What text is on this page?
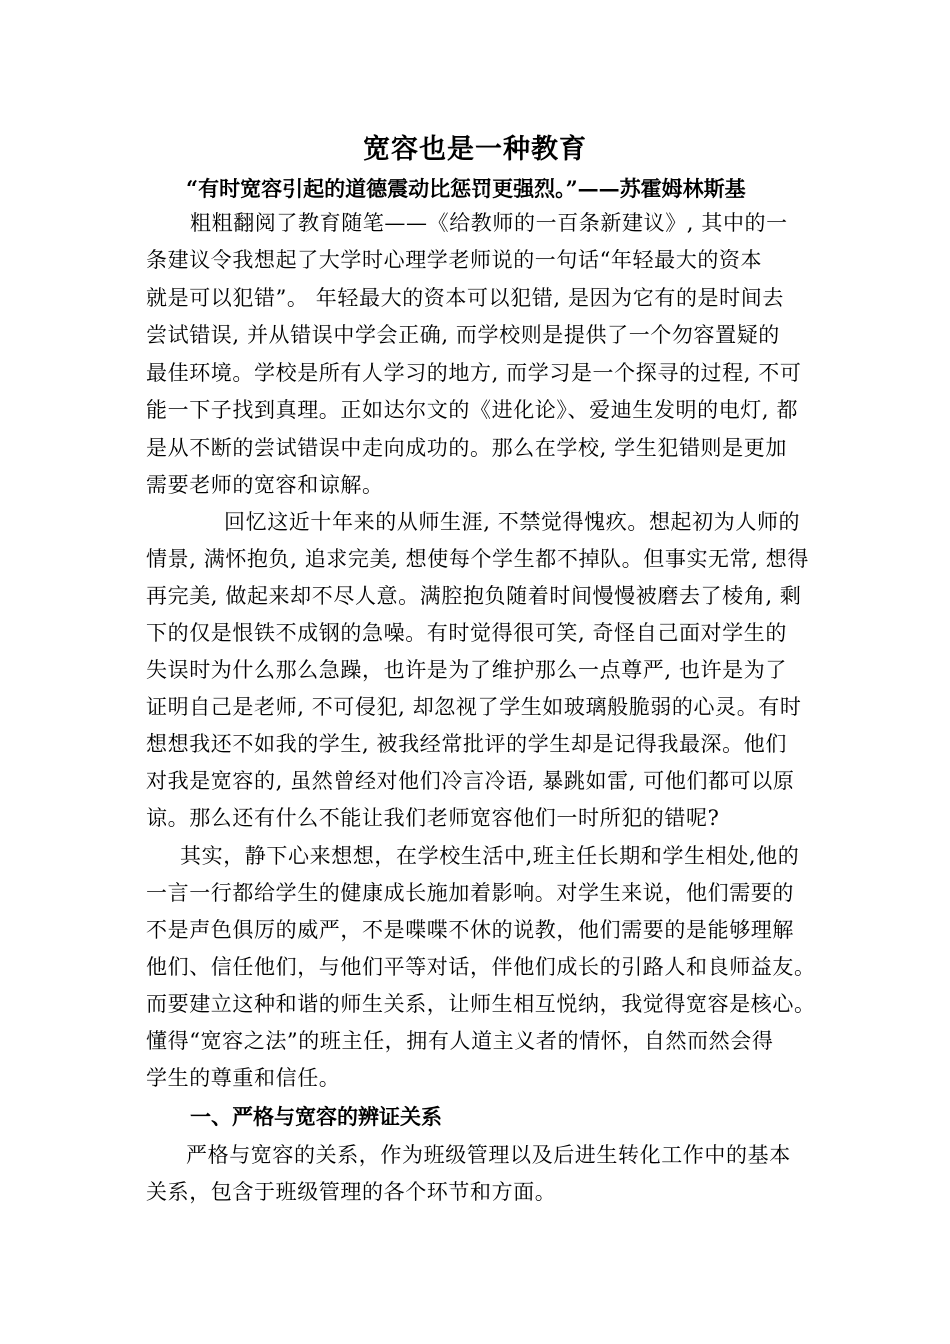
宽容也是一种教育
“有时宽容引起的道德震动比惩罚更强烈。”——苏霍姆林斯基
粗粗翻阅了教育随笔——《给教师的一百条新建议》, 其中的一
条建议令我想起了大学时心理学老师说的一句话“年轻最大的资本
就是可以犯错”。 年轻最大的资本可以犯错, 是因为它有的是时间去
尝试错误, 并从错误中学会正确, 而学校则是提供了一个勿容置疑的
最佳环境。学校是所有人学习的地方, 而学习是一个探寻的过程, 不可
能一下子找到真理。正如达尔文的《进化论》、爱迪生发明的电灯, 都
是从不断的尝试错误中走向成功的。那么在学校, 学生犯错则是更加
需要老师的宽容和谅解。
回忆这近十年来的从师生涯, 不禁觉得愧疚。想起初为人师的
情景, 满怀抱负, 追求完美, 想使每个学生都不掉队。但事实无常, 想得
再完美, 做起来却不尽人意。满腔抱负随着时间慢慢被磨去了棱角, 剩
下的仅是恨铁不成钢的急噪。有时觉得很可笑, 奇怪自己面对学生的
失误时为什么那么急躁，也许是为了维护那么一点尊严, 也许是为了
证明自己是老师, 不可侵犯, 却忽视了学生如玻璃般脆弱的心灵。有时
想想我还不如我的学生, 被我经常批评的学生却是记得我最深。他们
对我是宽容的, 虽然曾经对他们冷言冷语, 暴跳如雷, 可他们都可以原
谅。那么还有什么不能让我们老师宽容他们一时所犯的错呢?
其实，静下心来想想，在学校生活中,班主任长期和学生相处,他的
一言一行都给学生的健康成长施加着影响。对学生来说，他们需要的
不是声色俱厉的威严，不是喋喋不休的说教，他们需要的是能够理解
他们、信任他们，与他们平等对话，伴他们成长的引路人和良师益友。
而要建立这种和谐的师生关系，让师生相互悦纳，我觉得宽容是核心。
懂得“宽容之法”的班主任，拥有人道主义者的情怀，自然而然会得
学生的尊重和信任。
一、严格与宽容的辨证关系
严格与宽容的关系，作为班级管理以及后进生转化工作中的基本
关系，包含于班级管理的各个环节和方面。
